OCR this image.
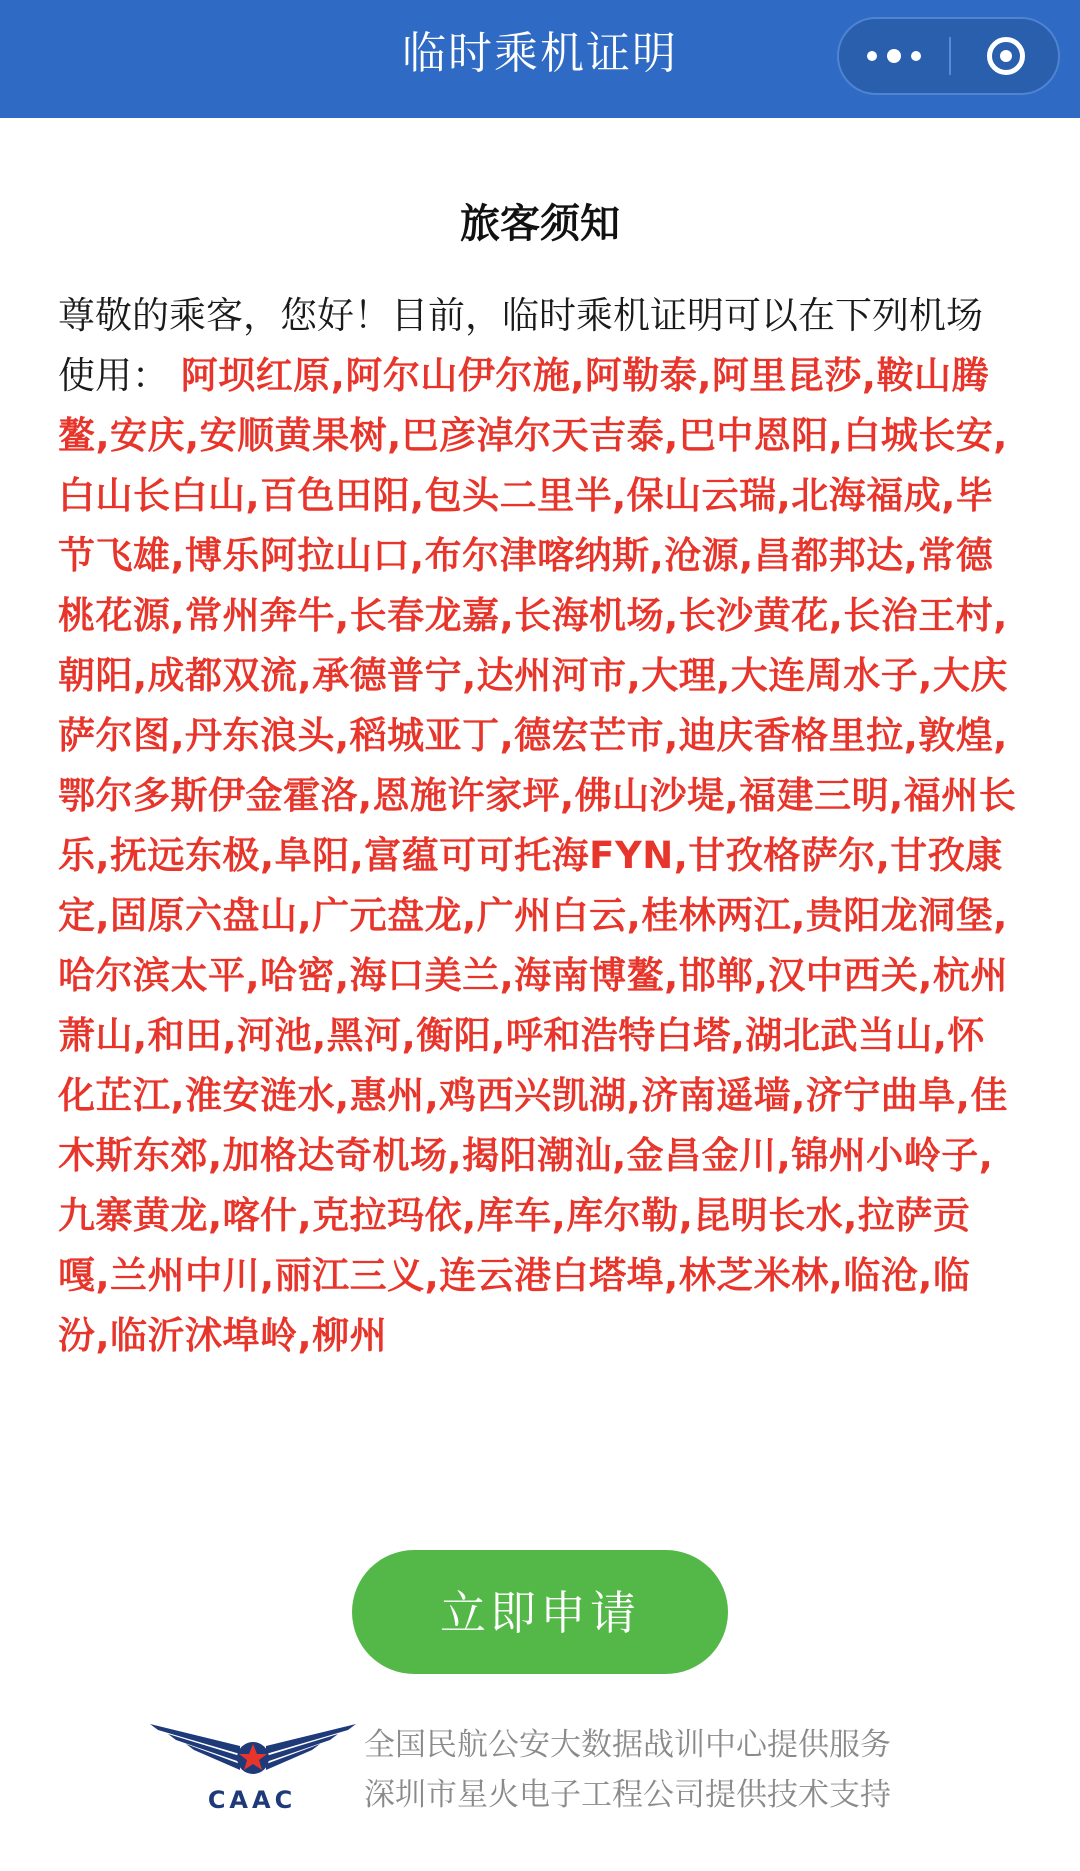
临时乘机证明
旅客须知
尊敬的乘客，您好！目前，临时乘机证明可以在下列机场使用： 阿坝红原,阿尔山伊尔施,阿勒泰,阿里昆莎,鞍山腾鳌,安庆,安顺黄果树,巴彦淖尔天吉泰,巴中恩阳,白城长安,白山长白山,百色田阳,包头二里半,保山云瑞,北海福成,毕节飞雄,博乐阿拉山口,布尔津喀纳斯,沧源,昌都邦达,常德桃花源,常州奔牛,长春龙嘉,长海机场,长沙黄花,长治王村,朝阳,成都双流,承德普宁,达州河市,大理,大连周水子,大庆萨尔图,丹东浪头,稻城亚丁,德宏芒市,迪庆香格里拉,敦煌,鄂尔多斯伊金霍洛,恩施许家坪,佛山沙堤,福建三明,福州长乐,抚远东极,阜阳,富蕴可可托海FYN,甘孜格萨尔,甘孜康定,固原六盘山,广元盘龙,广州白云,桂林两江,贵阳龙洞堡,哈尔滨太平,哈密,海口美兰,海南博鳌,邯郸,汉中西关,杭州萧山,和田,河池,黑河,衡阳,呼和浩特白塔,湖北武当山,怀化芷江,淮安涟水,惠州,鸡西兴凯湖,济南遥墙,济宁曲阜,佳木斯东郊,加格达奇机场,揭阳潮汕,金昌金川,锦州小岭子,九寨黄龙,喀什,克拉玛依,库车,库尔勒,昆明长水,拉萨贡嘎,兰州中川,丽江三义,连云港白塔埠,林芝米林,临沧,临汾,临沂沭埠岭,柳州
立即申请
CAAC
全国民航公安大数据战训中心提供服务
深圳市星火电子工程公司提供技术支持
